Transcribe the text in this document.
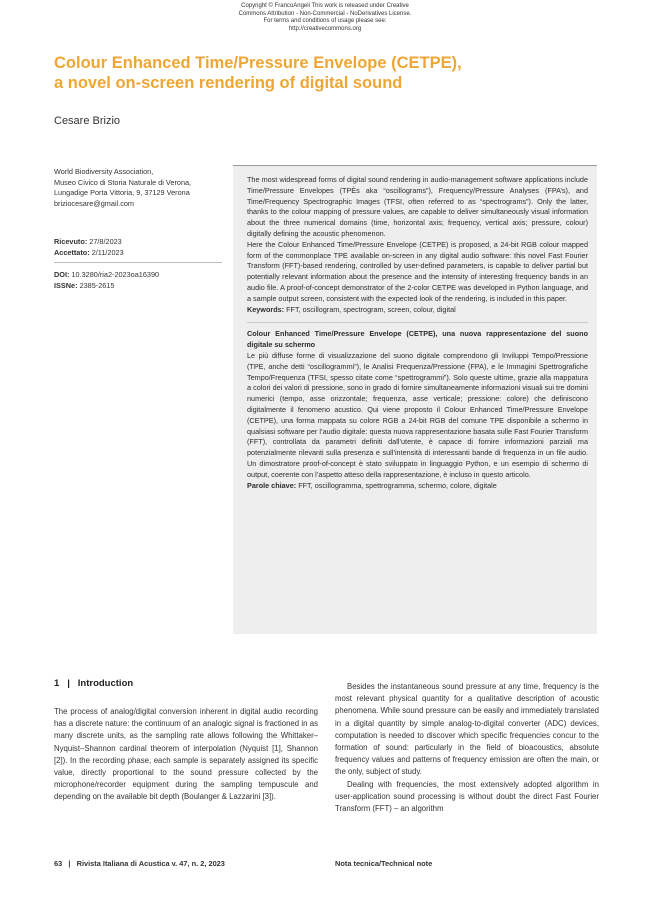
Copyright © FrancoAngeli This work is released under Creative
Commons Attribution - Non-Commercial - NoDerivatives License.
For terms and conditions of usage please see:
http://creativecommons.org
Colour Enhanced Time/Pressure Envelope (CETPE),
a novel on-screen rendering of digital sound

Cesare Brizio

World Biodiversity Association,
Museo Civico di Storia Naturale di Verona,
Lungadige Porta Vittoria, 9, 37129 Verona
briziocesare@gmail.com
Ricevuto: 27/8/2023
Accettato: 2/11/2023
DOI: 10.3280/ria2-2023oa16390
ISSNe: 2385-2615

The most widespread forms of digital sound rendering in audio-management software applications include Time/Pressure Envelopes (TPÈs aka “oscillograms”), Frequency/Pressure Analyses (FPA’s), and Time/Frequency Spectrographic Images (TFSI, often referred to as “spectrograms”). Only the latter, thanks to the colour mapping of pressure values, are capable to deliver simultaneously visual information about the three numerical domains (time, horizontal axis; frequency, vertical axis; pressure, colour) digitally defining the acoustic phenomenon.

Here the Colour Enhanced Time/Pressure Envelope (CETPE) is proposed, a 24-bit RGB colour mapped form of the commonplace TPE available on-screen in any digital audio software: this novel Fast Fourier Transform (FFT)-based rendering, controlled by user-defined parameters, is capable to deliver partial but potentially relevant information about the presence and the intensity of interesting frequency bands in an audio file. A proof-of-concept demonstrator of the 2-color CETPE was developed in Python language, and a sample output screen, consistent with the expected look of the rendering, is included in this paper.

Keywords: FFT, oscillogram, spectrogram, screen, colour, digital

Colour Enhanced Time/Pressure Envelope (CETPE), una nuova rappresentazione del suono digitale su schermo

Le più diffuse forme di visualizzazione del suono digitale comprendono gli Inviluppi Tempo/Pressione (TPE, anche detti “oscillogrammi”), le Analisi Frequenza/Pressione (FPA), e le Immagini Spettrografiche Tempo/Frequenza (TFSI, spesso citate come “spettrogrammi”). Solo queste ultime, grazie alla mappatura a colori dei valori di pressione, sono in grado di fornire simultaneamente informazioni visuali sui tre domini numerici (tempo, asse orizzontale; frequenza, asse verticale; pressione: colore) che definiscono digitalmente il fenomeno acustico. Qui viene proposto il Colour Enhanced Time/Pressure Envelope (CETPE), una forma mappata su colore RGB a 24-bit RGB del comune TPE disponibile a schermo in qualsiasi software per l’audio digitale: questa nuova rappresentazione basata sulle Fast Fourier Transform (FFT), controllata da parametri definiti dall’utente, è capace di fornire informazioni parziali ma potenzialmente rilevanti sulla presenza e sull’intensità di interessanti bande di frequenza in un file audio. Un dimostratore proof-of-concept è stato sviluppato in linguaggio Python, e un esempio di schermo di output, coerente con l’aspetto atteso della rappresentazione, è incluso in questo articolo.

Parole chiave: FFT, oscillogramma, spettrogramma, schermo, colore, digitale

1   |   Introduction

The process of analog/digital conversion inherent in digital audio recording has a discrete nature: the continuum of an analogic signal is fractioned in as many discrete units, as the sampling rate allows following the Whittaker–Nyquist–Shannon cardinal theorem of interpolation (Nyquist [1], Shannon [2]). In the recording phase, each sample is separately assigned its specific value, directly proportional to the sound pressure collected by the microphone/recorder equipment during the sampling tempuscule and depending on the available bit depth (Boulanger & Lazzarini [3]).

Besides the instantaneous sound pressure at any time, frequency is the most relevant physical quantity for a qualitative description of acoustic phenomena. While sound pressure can be easily and immediately translated in a digital quantity by simple analog-to-digital converter (ADC) devices, computation is needed to discover which specific frequencies concur to the formation of sound: particularly in the field of bioacoustics, absolute frequency values and patterns of frequency emission are often the main, or the only, subject of study.

Dealing with frequencies, the most extensively adopted algorithm in user-application sound processing is without doubt the direct Fast Fourier Transform (FFT) – an algorithm

63   |   Rivista Italiana di Acustica v. 47, n. 2, 2023	Nota tecnica/Technical note
